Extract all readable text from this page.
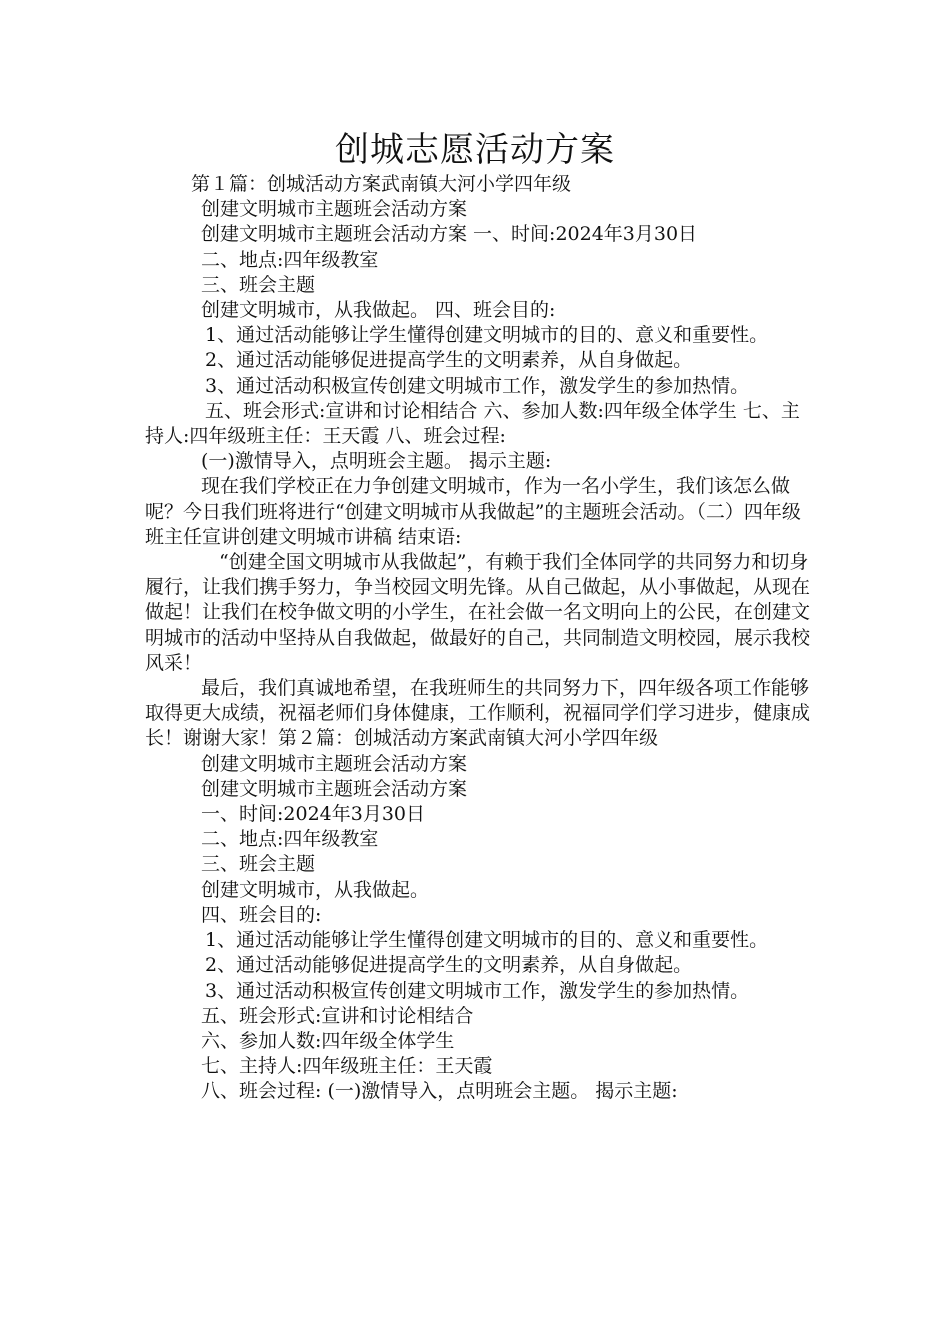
创城志愿活动方案

第１篇：创城活动方案武南镇大河小学四年级

创建文明城市主题班会活动方案

创建文明城市主题班会活动方案 一、时间:2024年3月30日

二、地点:四年级教室

三、班会主题

创建文明城市，从我做起。 四、班会目的:

1、通过活动能够让学生懂得创建文明城市的目的、意义和重要性。

2、通过活动能够促进提高学生的文明素养，从自身做起。

3、通过活动积极宣传创建文明城市工作，激发学生的参加热情。

五、班会形式:宣讲和讨论相结合 六、参加人数:四年级全体学生 七、主持人:四年级班主任：王天霞 八、班会过程:

(一)激情导入，点明班会主题。 揭示主题:

现在我们学校正在力争创建文明城市，作为一名小学生，我们该怎么做呢？今日我们班将进行“创建文明城市从我做起”的主题班会活动。（二）四年级班主任宣讲创建文明城市讲稿 结束语:

“创建全国文明城市从我做起”，有赖于我们全体同学的共同努力和切身履行，让我们携手努力，争当校园文明先锋。从自己做起，从小事做起，从现在做起！让我们在校争做文明的小学生，在社会做一名文明向上的公民，在创建文明城市的活动中坚持从自我做起，做最好的自己，共同制造文明校园，展示我校风采！

最后，我们真诚地希望，在我班师生的共同努力下，四年级各项工作能够取得更大成绩，祝福老师们身体健康，工作顺利，祝福同学们学习进步，健康成长！谢谢大家！第２篇：创城活动方案武南镇大河小学四年级

创建文明城市主题班会活动方案

创建文明城市主题班会活动方案

一、时间:2024年3月30日

二、地点:四年级教室

三、班会主题

创建文明城市，从我做起。

四、班会目的:

1、通过活动能够让学生懂得创建文明城市的目的、意义和重要性。

2、通过活动能够促进提高学生的文明素养，从自身做起。

3、通过活动积极宣传创建文明城市工作，激发学生的参加热情。

五、班会形式:宣讲和讨论相结合

六、参加人数:四年级全体学生

七、主持人:四年级班主任：王天霞

八、班会过程: (一)激情导入，点明班会主题。 揭示主题:
